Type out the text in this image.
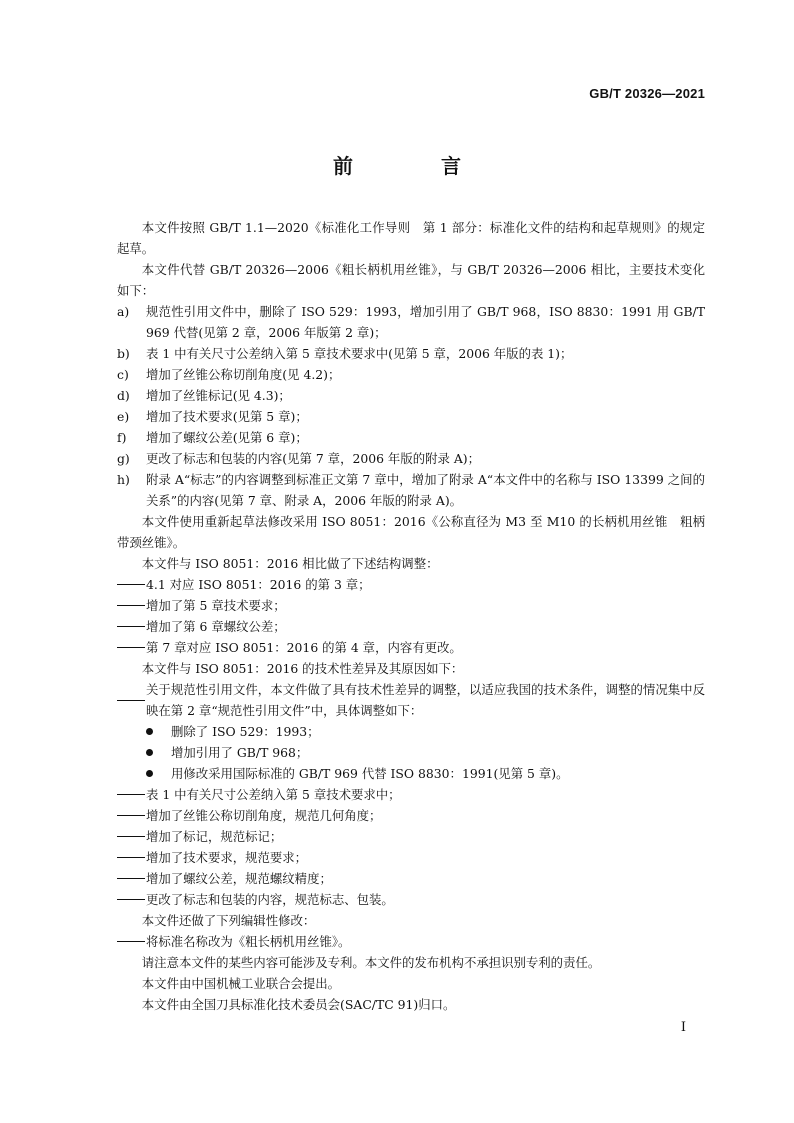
GB/T 20326—2021
前　言
本文件按照 GB/T 1.1—2020《标准化工作导则　第 1 部分：标准化文件的结构和起草规则》的规定起草。
本文件代替 GB/T 20326—2006《粗长柄机用丝锥》，与 GB/T 20326—2006 相比，主要技术变化如下：
a)	规范性引用文件中，删除了 ISO 529：1993，增加引用了 GB/T 968，ISO 8830：1991 用 GB/T 969 代替(见第 2 章，2006 年版第 2 章)；
b)	表 1 中有关尺寸公差纳入第 5 章技术要求中(见第 5 章，2006 年版的表 1)；
c)	增加了丝锥公称切削角度(见 4.2)；
d)	增加了丝锥标记(见 4.3)；
e)	增加了技术要求(见第 5 章)；
f)	增加了螺纹公差(见第 6 章)；
g)	更改了标志和包装的内容(见第 7 章，2006 年版的附录 A)；
h)	附录 A“标志”的内容调整到标准正文第 7 章中，增加了附录 A“本文件中的名称与 ISO 13399 之间的关系”的内容(见第 7 章、附录 A，2006 年版的附录 A)。
本文件使用重新起草法修改采用 ISO 8051：2016《公称直径为 M3 至 M10 的长柄机用丝锥　粗柄带颈丝锥》。
本文件与 ISO 8051：2016 相比做了下述结构调整：
4.1 对应 ISO 8051：2016 的第 3 章；
增加了第 5 章技术要求；
增加了第 6 章螺纹公差；
第 7 章对应 ISO 8051：2016 的第 4 章，内容有更改。
本文件与 ISO 8051：2016 的技术性差异及其原因如下：
关于规范性引用文件，本文件做了具有技术性差异的调整，以适应我国的技术条件，调整的情况集中反映在第 2 章“规范性引用文件”中，具体调整如下：
删除了 ISO 529：1993；
增加引用了 GB/T 968；
用修改采用国际标准的 GB/T 969 代替 ISO 8830：1991(见第 5 章)。
表 1 中有关尺寸公差纳入第 5 章技术要求中；
增加了丝锥公称切削角度，规范几何角度；
增加了标记，规范标记；
增加了技术要求，规范要求；
增加了螺纹公差，规范螺纹精度；
更改了标志和包装的内容，规范标志、包装。
本文件还做了下列编辑性修改：
将标准名称改为《粗长柄机用丝锥》。
请注意本文件的某些内容可能涉及专利。本文件的发布机构不承担识别专利的责任。
本文件由中国机械工业联合会提出。
本文件由全国刀具标准化技术委员会(SAC/TC 91)归口。
I
